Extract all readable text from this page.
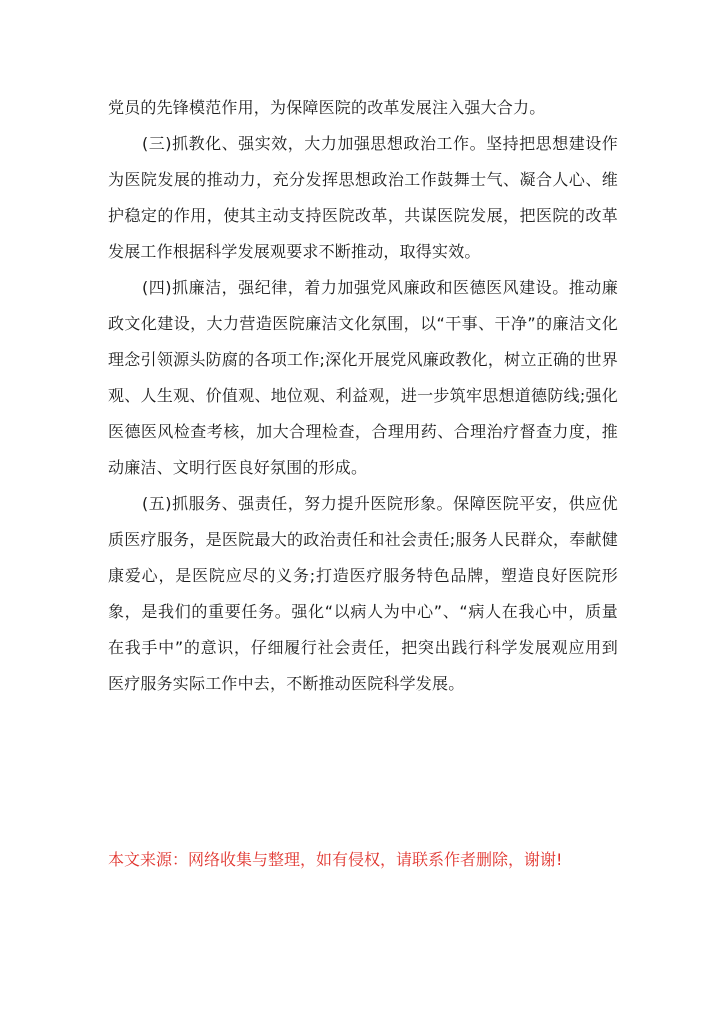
党员的先锋模范作用，为保障医院的改革发展注入强大合力。

(三)抓教化、强实效，大力加强思想政治工作。坚持把思想建设作为医院发展的推动力，充分发挥思想政治工作鼓舞士气、凝合人心、维护稳定的作用，使其主动支持医院改革，共谋医院发展，把医院的改革发展工作根据科学发展观要求不断推动，取得实效。

(四)抓廉洁，强纪律，着力加强党风廉政和医德医风建设。推动廉政文化建设，大力营造医院廉洁文化氛围，以“干事、干净”的廉洁文化理念引领源头防腐的各项工作;深化开展党风廉政教化，树立正确的世界观、人生观、价值观、地位观、利益观，进一步筑牢思想道德防线;强化医德医风检查考核，加大合理检查，合理用药、合理治疗督查力度，推动廉洁、文明行医良好氛围的形成。

(五)抓服务、强责任，努力提升医院形象。保障医院平安，供应优质医疗服务，是医院最大的政治责任和社会责任;服务人民群众，奉献健康爱心，是医院应尽的义务;打造医疗服务特色品牌，塑造良好医院形象，是我们的重要任务。强化“以病人为中心”、“病人在我心中，质量在我手中”的意识，仔细履行社会责任，把突出践行科学发展观应用到医疗服务实际工作中去，不断推动医院科学发展。

本文来源：网络收集与整理，如有侵权，请联系作者删除，谢谢!
